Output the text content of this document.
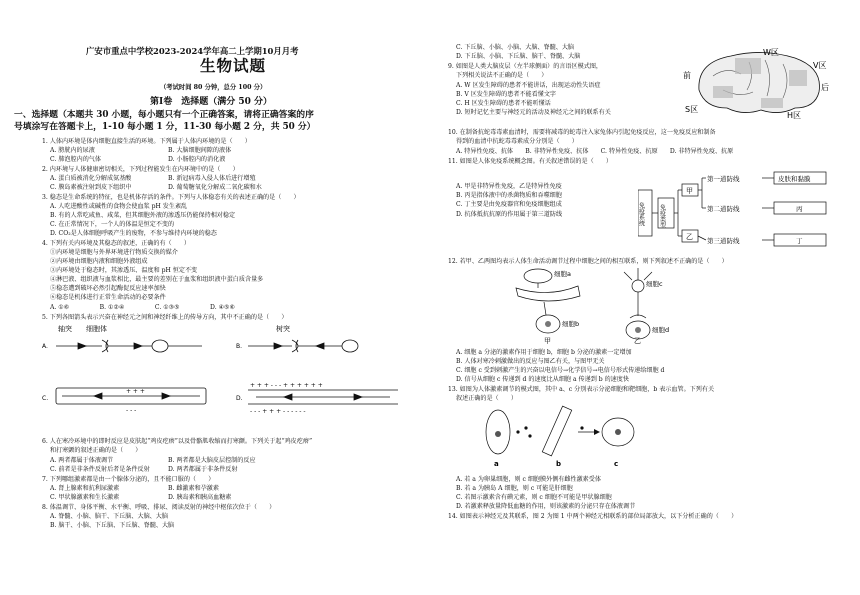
广安市重点中学校2023-2024学年高二上学期10月月考
生物试题
（考试时间 80 分钟，总分 100 分）
第Ⅰ卷　选择题（满分 50 分）
一、选择题（本题共 30 小题，每小题只有一个正确答案，请将正确答案的序
号填涂写在答题卡上，1-10 每小题 1 分，11-30 每小题 2 分，共 50 分）
1. 人体内环境是体内细胞直接生活的环境。下列属于人体内环境的是（　　）
A. 膀胱内的尿液　　　　　　　　　　　　B. 大脑细胞间隙的液体
C. 肺泡腔内的气体　　　　　　　　　　　D. 小肠腔内的消化液
2. 内环境与人体健康密切相关，下列过程能发生在内环境中的是（　　）
A. 蛋白质被消化分解成氨基酸　　　　　　B. 新冠病毒入侵人体后进行增殖
C. 膜岛素被注射到皮下组织中　　　　　　D. 葡萄糖氧化分解成二氧化碳和水
3. 稳态是生命系统的特征，也是机体存活的条件。下列与人体稳态有关的表述正确的是（　　）
A. 人吃进酸性或碱性的食物会使血浆 pH 发生紊乱
B. 有的人常吃咸鱼、咸菜，但其细胞外液的渗透压仍能保持相对稳定
C. 在正常情况下，一个人的体温是恒定不变的
D. CO₂是人体细胞呼吸产生的废物，不参与维持内环境的稳态
4. 下列有关内环境及其稳态的叙述，正确的有（　　）
①内环境是细胞与外界环境进行物质交换的媒介
②内环境由细胞内液和细胞外液组成
③内环境处于稳态时，其渗透压、温度和 pH 恒定不变
④淋巴液、组织液与血浆相比，最主要的差别在于血浆和组织液中蛋白质含量多
⑤稳态遭到破坏必然引起酶促反应速率加快
⑥稳态是机体进行正常生命活动的必要条件
A. ①⑥　　　　　B. ①②④　　　　　C. ①③⑤　　　　　D. ④⑤⑥
5. 下列各图箭头表示兴奋在神经元之间和神经纤维上的传导方向，其中不正确的是（　　）
轴突 细胞体	树突
A.
C.
B.
D.
+ + +
- - -
+ + + - - - + + + + + +
- - - + + + - - - - - -
6. 人在寒冷环境中的即时反应是皮肤起“鸡皮疙瘩”以及骨骼肌收缩而打寒颤。下列关于起“鸡皮疙瘩”
和打寒颤的叙述正确的是（　　）
A. 两者都属于体液调节　　　　　　　　　B. 两者都是大脑皮层控制的反应
C. 前者是非条件反射后者是条件反射　　　D. 两者都属于非条件反射
7. 下列哪组激素都是由一个腺体分泌的，且不能口服的（　　）
A. 肾上腺素和抗利尿激素　　　　　　　　B. 雌激素和孕激素
C. 甲状腺激素和生长激素　　　　　　　　D. 胰岛素和胰高血糖素
8. 体温调节、身体平衡、水平衡、呼吸、排尿、阅读反射的神经中枢依次位于（　　）
A. 脊髓、小脑、脑干、下丘脑、大脑、大脑
B. 脑干、小脑、下丘脑、下丘脑、脊髓、大脑
C. 下丘脑、小脑、小脑、大脑、脊髓、大脑
D. 下丘脑、小脑、下丘脑、脑干、脊髓、大脑
9. 如图是人类大脑皮层（左半球侧面）的言语区模式图，
下列相关说法不正确的是（　　）
A. W 区发生障碍的患者不能讲话，出现运动性失语症
B. V 区发生障碍的患者不能看懂文字
C. H 区发生障碍的患者不能听懂话
D. 短时记忆主要与神经元的活动及神经元之间的联系有关
W区
V区
前
后
S区
H区
10. 在制备抗蛇毒毒素血清时，需要将减毒的蛇毒注入家兔体内引起免疫反应，这一免疫反应和制备
得到的血清中抗蛇毒毒素成分分别是（　　）
A. 特异性免疫、抗体　　B. 非特异性免疫、抗体　　C. 特异性免疫、抗原　　D. 非特异性免疫、抗原
11. 如图是人体免疫系统概念图。有关叙述错误的是（　　）
A. 甲是非特异性免疫，乙是特异性免疫
B. 丙是指体液中的杀菌物质和吞噬细胞
C. 丁主要是由免疫器官和免疫细胞组成
D. 抗体抵抗抗原的作用属于第三道防线	免疫系统 免疫类型
甲
乙
第一道防线
第二道防线
第三道防线
皮肤和黏膜
丙
丁
12. 若甲、乙两图均表示人体生命活动调节过程中细胞之间的相互联系，则下列叙述不正确的是（　　）
细胞a
细胞b
细胞c
细胞d
甲	乙
A. 细胞 a 分泌的激素作用于细胞 b，细胞 b 分泌的激素一定增加
B. 人体对寒冷刺激做出的反应与图乙有关，与图甲无关
C. 细胞 c 受到刺激产生的兴奋以电信号→化学信号→电信号形式传递给细胞 d
D. 信号从细胞 c 传递到 d 的速度比从细胞 a 传递到 b 的速度快
13. 如图为人体激素调节的模式图，其中 a、c 分别表示分泌细胞和靶细胞，b 表示血管。下列有关
叙述正确的是（　　）
a	b	c
A. 若 a 为卵巢细胞，则 c 细胞膜外侧有雌性激素受体
B. 若 a 为胰岛 A 细胞，则 c 可能是肝细胞
C. 若图示激素含有碘元素，则 c 细胞不可能是甲状腺细胞
D. 若激素释放量降低血糖的作用，则该激素的分泌只存在体液调节
14. 如图表示神经元及其联系，图 2 为图 1 中两个神经元相联系的部位局部放大，以下分析正确的（　　）
